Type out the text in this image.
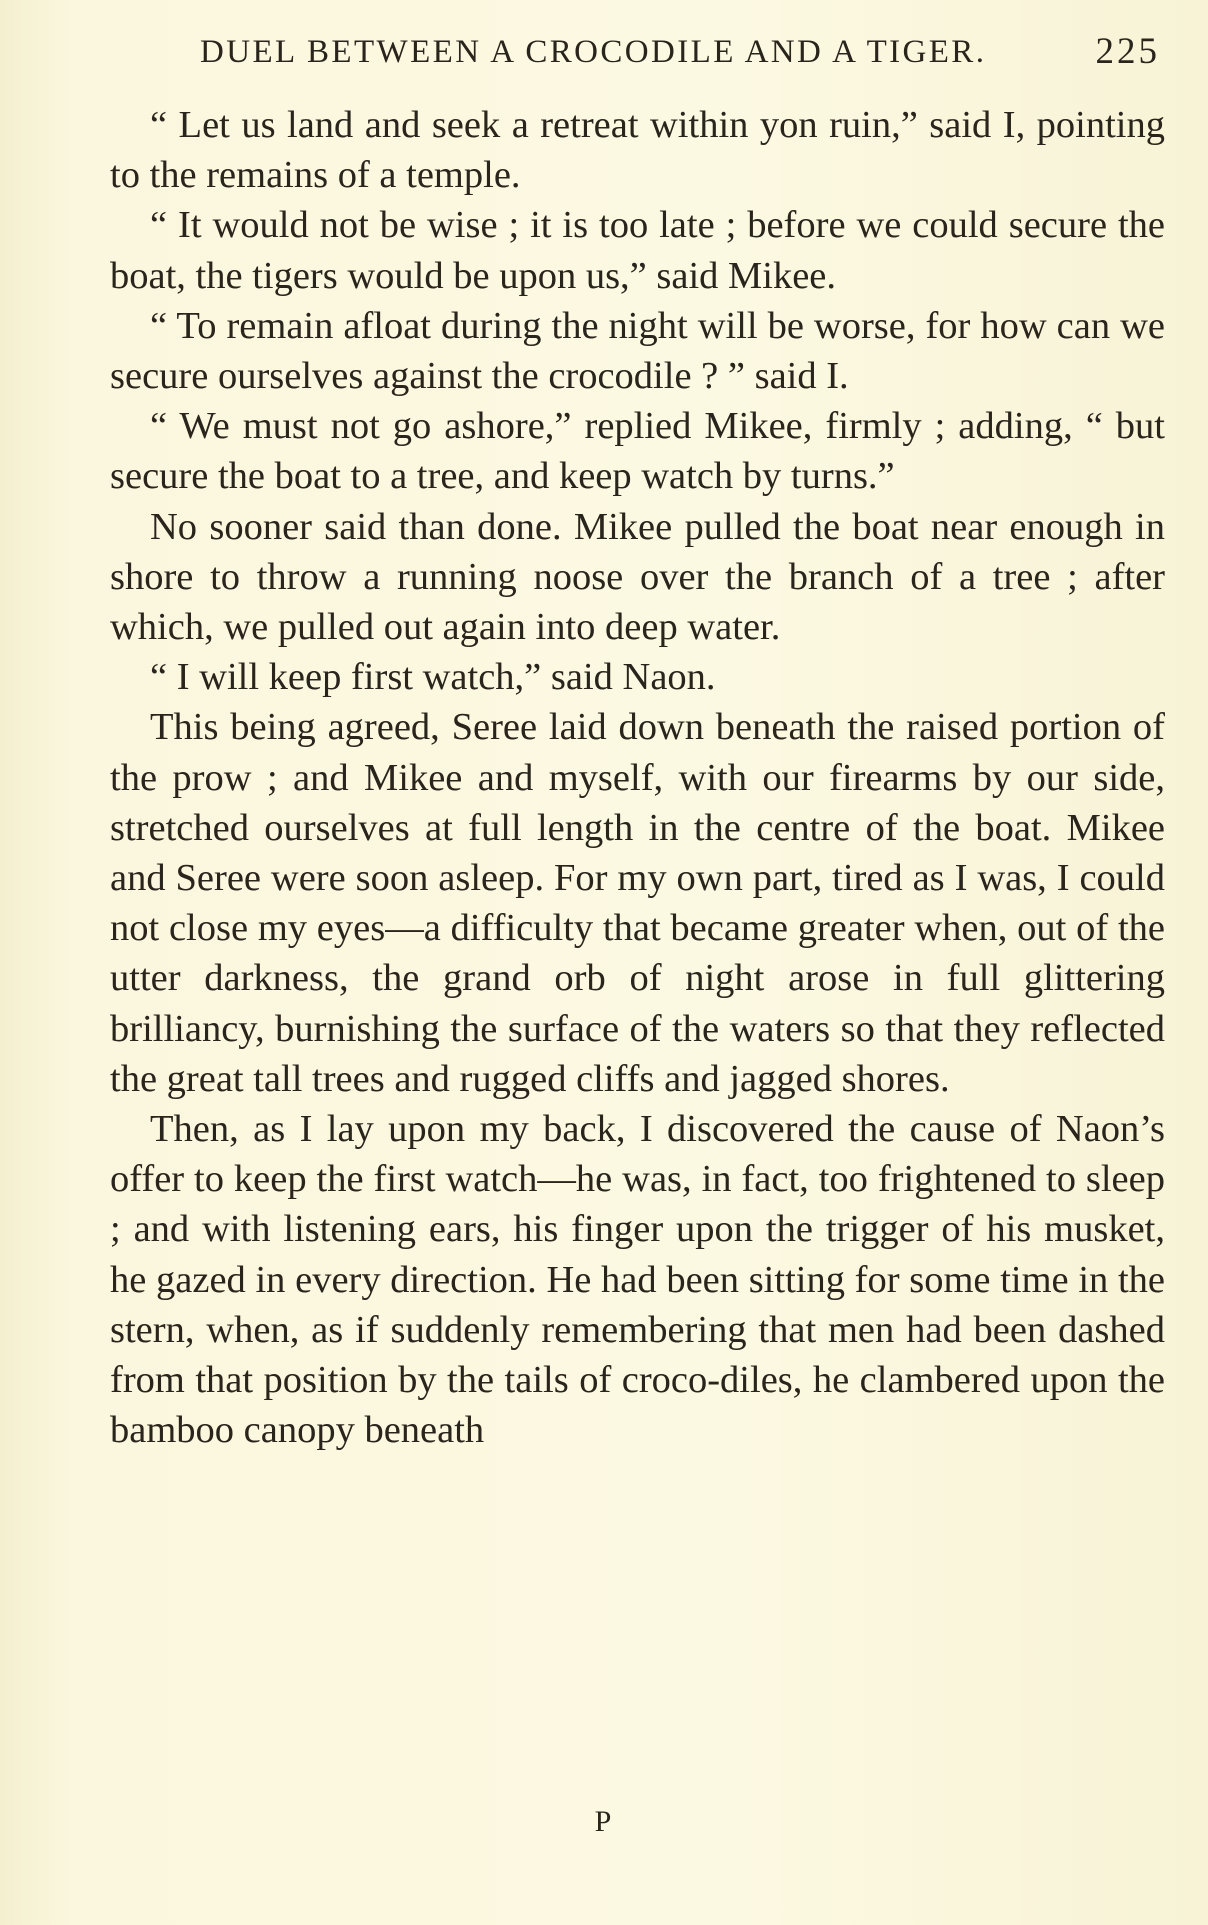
DUEL BETWEEN A CROCODILE AND A TIGER.	225

“ Let us land and seek a retreat within yon ruin,” said I, pointing to the remains of a temple.

“ It would not be wise ; it is too late ; before we could secure the boat, the tigers would be upon us,” said Mikee.

“ To remain afloat during the night will be worse, for how can we secure ourselves against the crocodile ? ” said I.

“ We must not go ashore,” replied Mikee, firmly ; adding, “ but secure the boat to a tree, and keep watch by turns.”

No sooner said than done. Mikee pulled the boat near enough in shore to throw a running noose over the branch of a tree ; after which, we pulled out again into deep water.

“ I will keep first watch,” said Naon.

This being agreed, Seree laid down beneath the raised portion of the prow ; and Mikee and myself, with our firearms by our side, stretched ourselves at full length in the centre of the boat. Mikee and Seree were soon asleep. For my own part, tired as I was, I could not close my eyes—a difficulty that became greater when, out of the utter darkness, the grand orb of night arose in full glittering brilliancy, burnishing the surface of the waters so that they reflected the great tall trees and rugged cliffs and jagged shores.

Then, as I lay upon my back, I discovered the cause of Naon’s offer to keep the first watch—he was, in fact, too frightened to sleep ; and with listening ears, his finger upon the trigger of his musket, he gazed in every direction. He had been sitting for some time in the stern, when, as if suddenly remembering that men had been dashed from that position by the tails of croco-diles, he clambered upon the bamboo canopy beneath

P
